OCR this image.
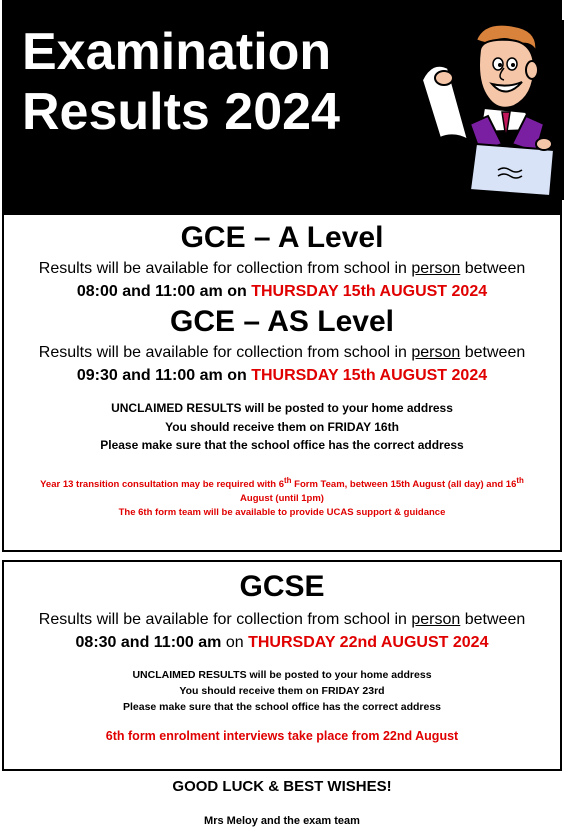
Examination
Results 2024
GCE – A Level
Results will be available for collection from school in person between
08:00 and 11:00 am on THURSDAY 15th AUGUST 2024
GCE – AS Level
Results will be available for collection from school in person between
09:30 and 11:00 am on THURSDAY 15th AUGUST 2024
UNCLAIMED RESULTS will be posted to your home address
You should receive them on FRIDAY 16th
Please make sure that the school office has the correct address
Year 13 transition consultation may be required with 6th Form Team, between 15th August (all day) and 16th
August (until 1pm)
The 6th form team will be available to provide UCAS support & guidance
GCSE
Results will be available for collection from school in person between
08:30 and 11:00 am on THURSDAY 22nd AUGUST 2024
UNCLAIMED RESULTS will be posted to your home address
You should receive them on FRIDAY 23rd
Please make sure that the school office has the correct address
6th form enrolment interviews take place from 22nd August
GOOD LUCK & BEST WISHES!
Mrs Meloy and the exam team
